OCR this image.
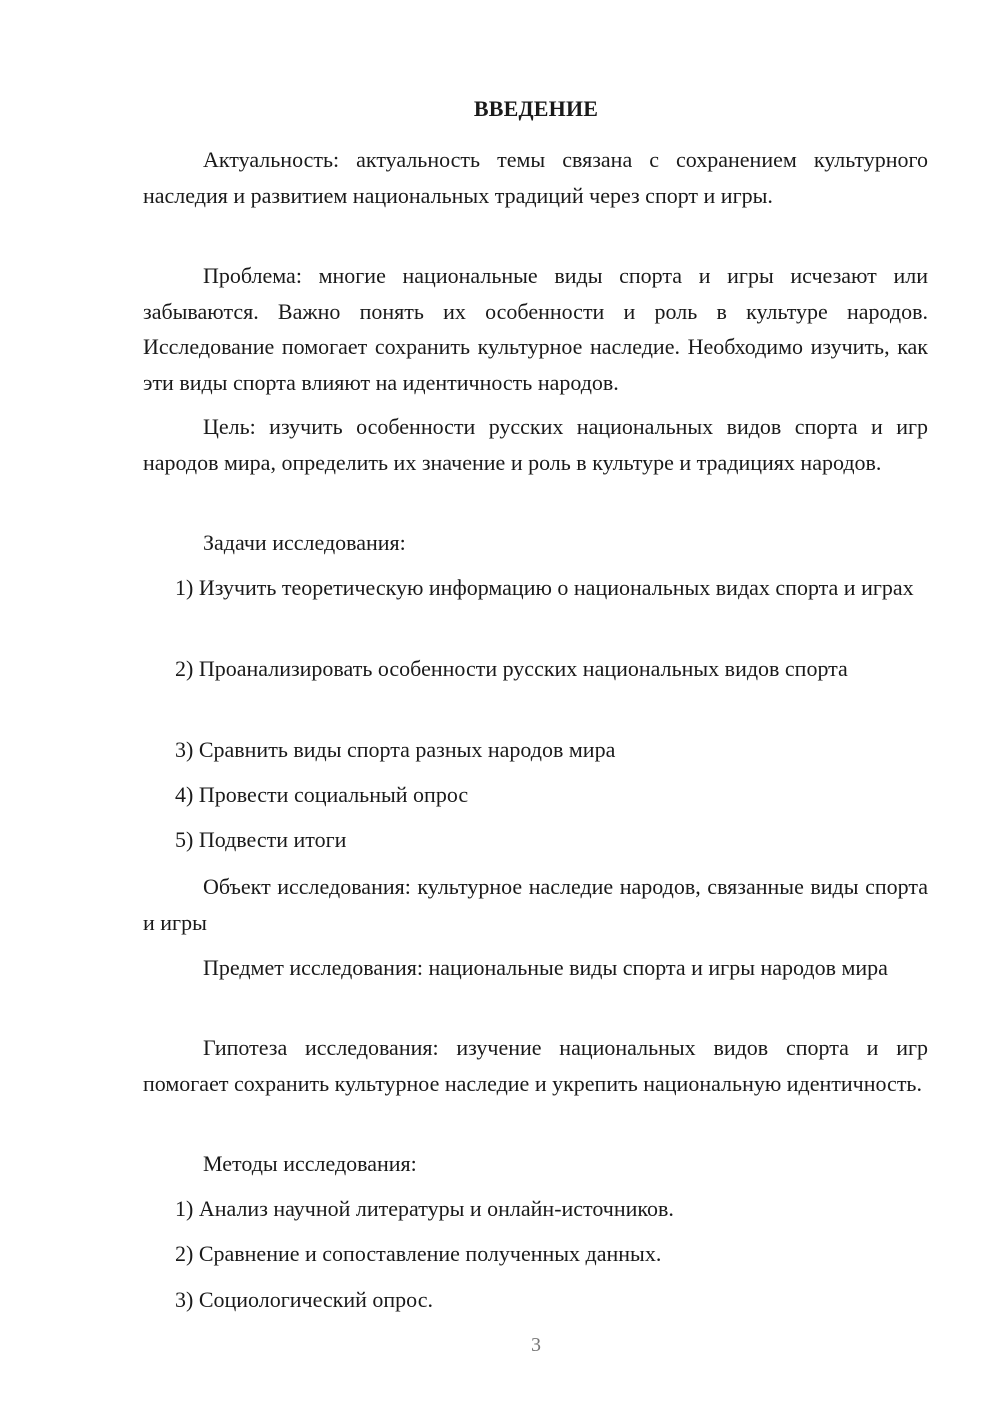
ВВЕДЕНИЕ

Актуальность: актуальность темы связана с сохранением культурного наследия и развитием национальных традиций через спорт и игры.

Проблема: многие национальные виды спорта и игры исчезают или забываются. Важно понять их особенности и роль в культуре народов. Исследование помогает сохранить культурное наследие. Необходимо изучить, как эти виды спорта влияют на идентичность народов.

Цель: изучить особенности русских национальных видов спорта и игр народов мира, определить их значение и роль в культуре и традициях народов.

Задачи исследования:

1) Изучить теоретическую информацию о национальных видах спорта и играх

2) Проанализировать особенности русских национальных видов спорта

3) Сравнить виды спорта разных народов мира

4) Провести социальный опрос

5) Подвести итоги

Объект исследования: культурное наследие народов, связанные виды спорта и игры

Предмет исследования: национальные виды спорта и игры народов мира

Гипотеза исследования: изучение национальных видов спорта и игр помогает сохранить культурное наследие и укрепить национальную идентичность.

Методы исследования:

1) Анализ научной литературы и онлайн-источников.

2) Сравнение и сопоставление полученных данных.

3) Социологический опрос.

3
